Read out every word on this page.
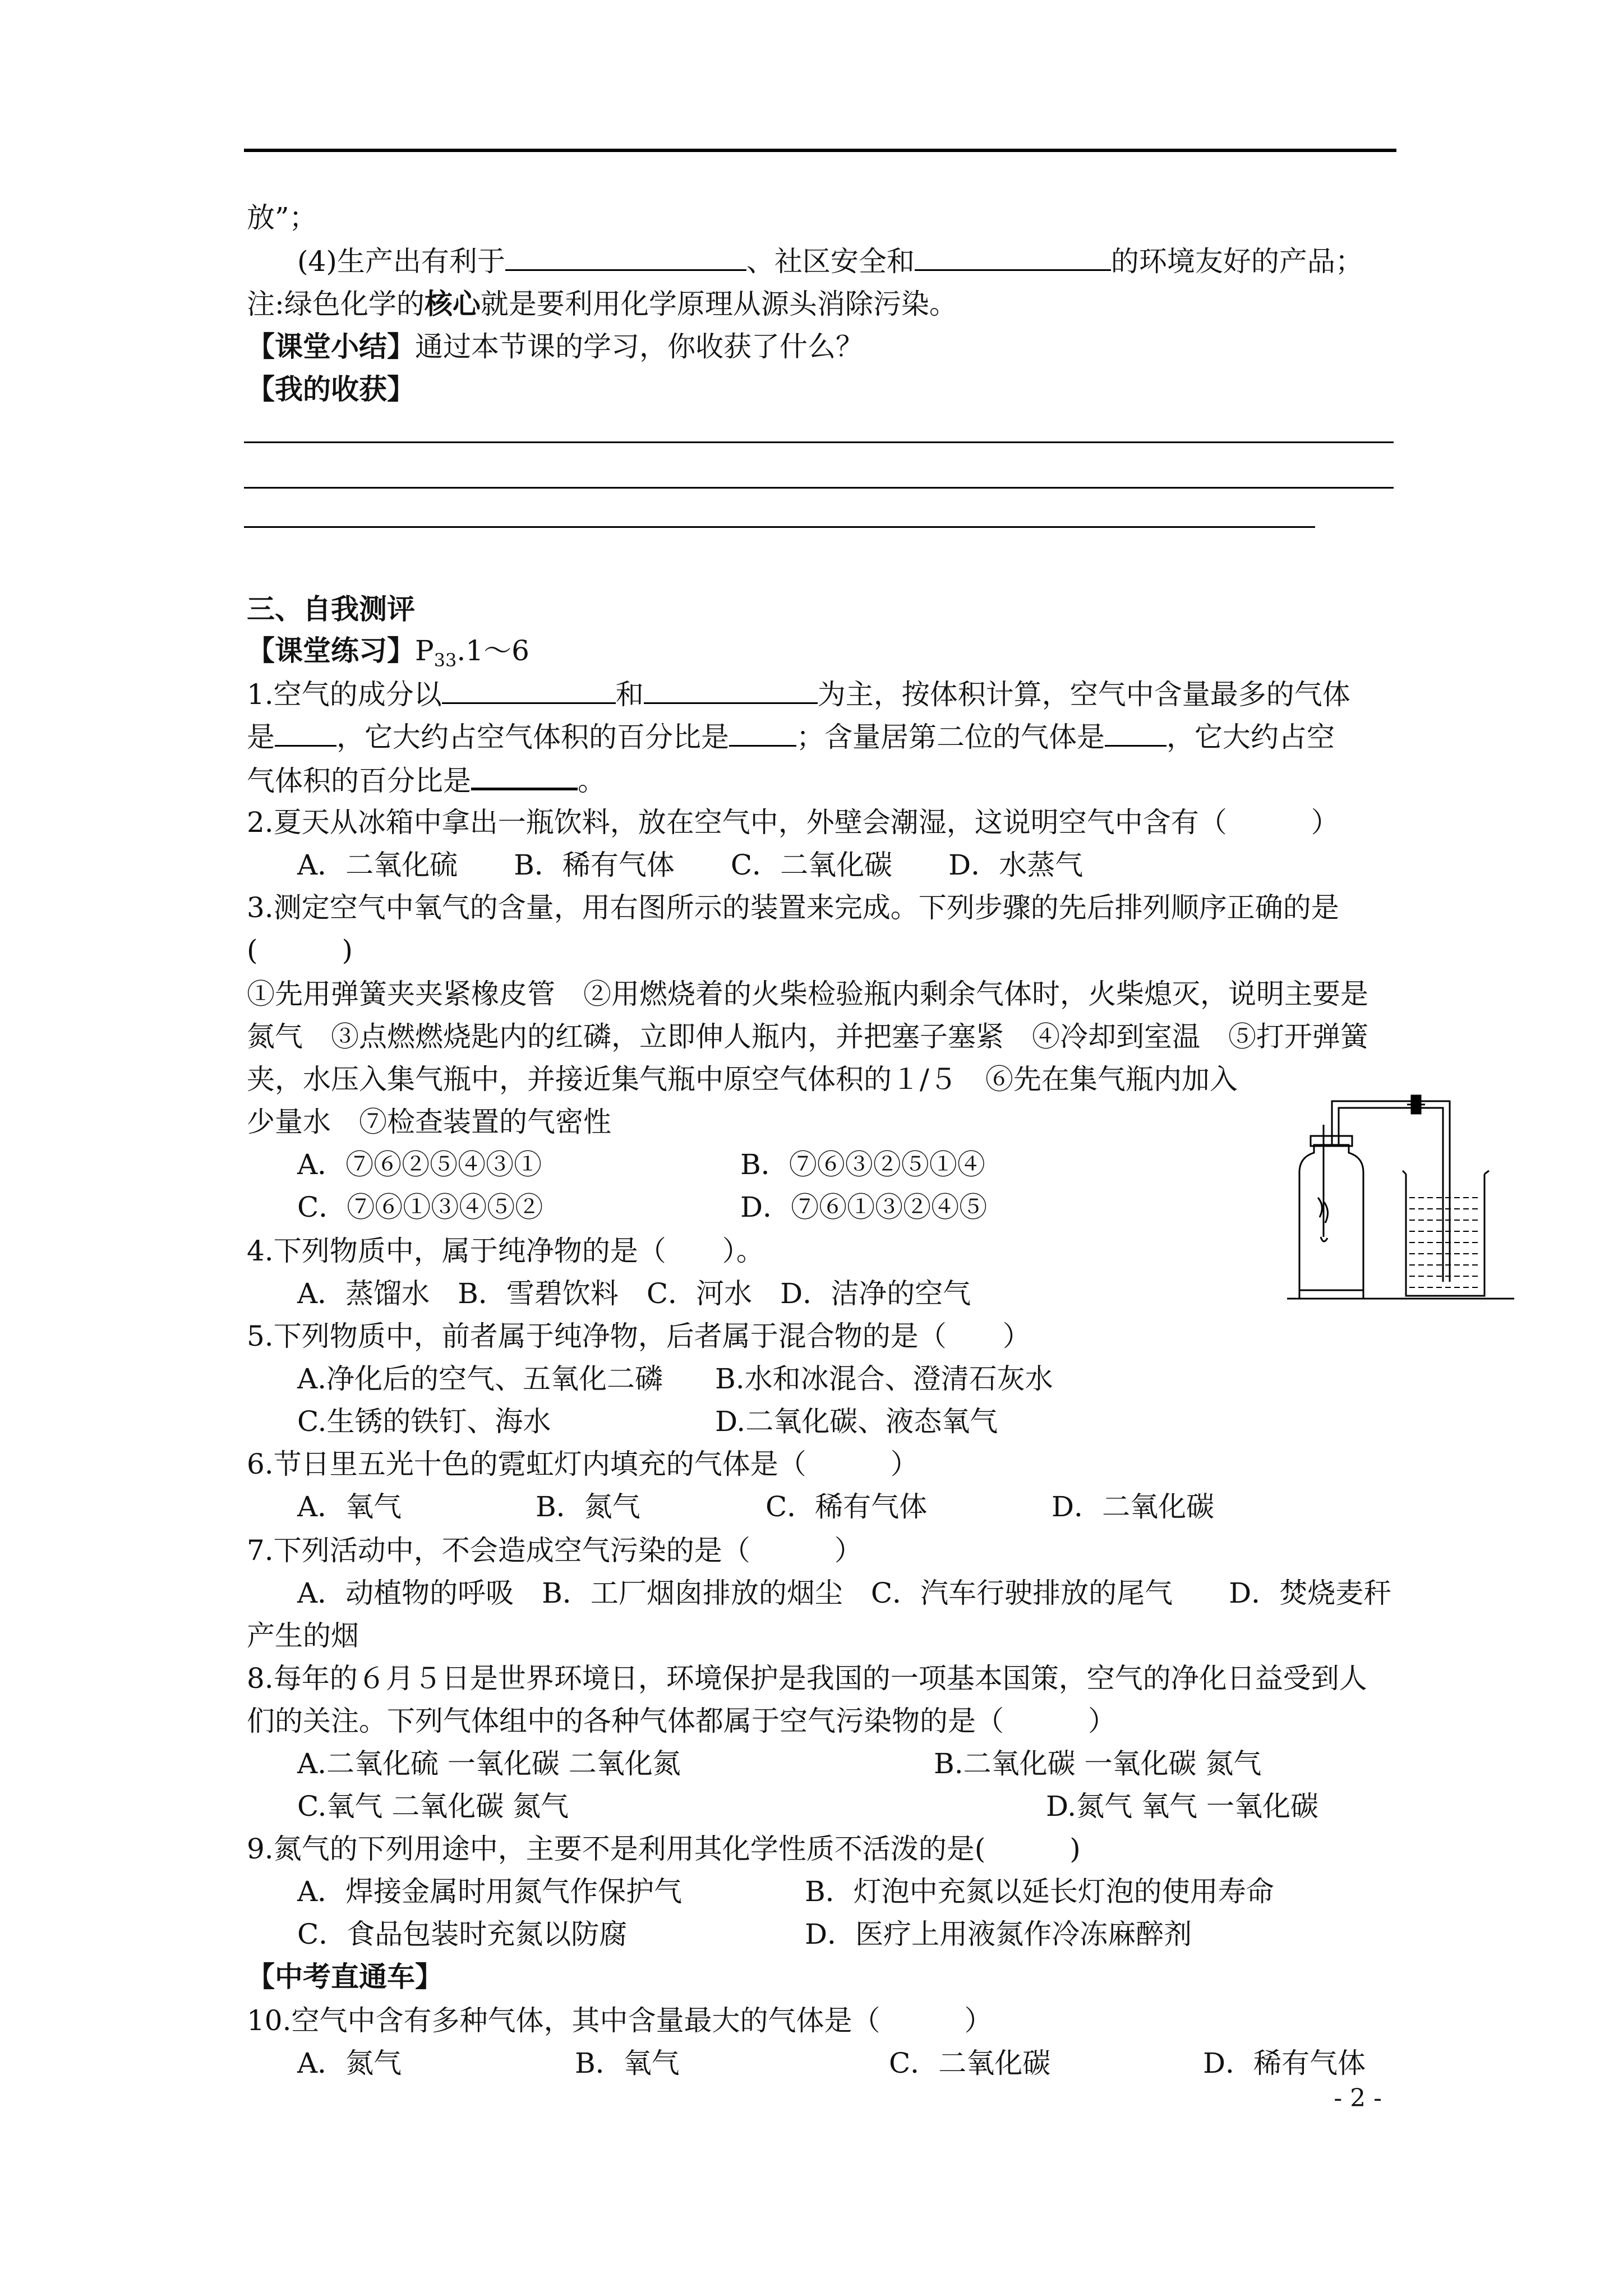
放”；
(4)生产出有利于	、社区安全和	的环境友好的产品；
注:绿色化学的核心就是要利用化学原理从源头消除污染。
【课堂小结】通过本节课的学习，你收获了什么？
【我的收获】
三、自我测评
【课堂练习】$P_{33}.1\sim 6$
1.空气的成分以	和	为主，按体积计算，空气中含量最多的气体
是 ，它大约占空气体积的百分比是 ；含量居第二位的气体是 ，它大约占空
气体积的百分比是	。
2.夏天从冰箱中拿出一瓶饮料，放在空气中，外壁会潮湿，这说明空气中含有（　　　）
A．二氧化硫　　B．稀有气体　　C．二氧化碳　　D．水蒸气
3.测定空气中氧气的含量，用右图所示的装置来完成。下列步骤的先后排列顺序正确的是
(　　　)
①先用弹簧夹夹紧橡皮管　②用燃烧着的火柴检验瓶内剩余气体时，火柴熄灭，说明主要是
氮气　③点燃燃烧匙内的红磷，立即伸人瓶内，并把塞子塞紧　④冷却到室温　⑤打开弹簧
夹，水压入集气瓶中，并接近集气瓶中原空气体积的１/５　⑥先在集气瓶内加入
少量水　⑦检查装置的气密性
A．⑦⑥②⑤④③①	B．⑦⑥③②⑤①④
C．⑦⑥①③④⑤②	D．⑦⑥①③②④⑤
4.下列物质中，属于纯净物的是（　　）。
A．蒸馏水　B．雪碧饮料　C．河水　D．洁净的空气
5.下列物质中，前者属于纯净物，后者属于混合物的是（　　）
A.净化后的空气、五氧化二磷 B.水和冰混合、澄清石灰水
C.生锈的铁钉、海水	D.二氧化碳、液态氧气
6.节日里五光十色的霓虹灯内填充的气体是（　　　）
A．氧气	B．氮气	C．稀有气体	D．二氧化碳
7.下列活动中，不会造成空气污染的是（　　　）
A．动植物的呼吸　B．工厂烟囱排放的烟尘　C．汽车行驶排放的尾气　　D．焚烧麦秆
产生的烟
8.每年的６月５日是世界环境日，环境保护是我国的一项基本国策，空气的净化日益受到人
们的关注。下列气体组中的各种气体都属于空气污染物的是（　　　）
A.二氧化硫 一氧化碳 二氧化氮	B.二氧化碳 一氧化碳 氮气
C.氧气 二氧化碳 氮气	D.氮气 氧气 一氧化碳
9.氮气的下列用途中，主要不是利用其化学性质不活泼的是(　　　)
A．焊接金属时用氮气作保护气	B．灯泡中充氮以延长灯泡的使用寿命
C．食品包装时充氮以防腐	D．医疗上用液氮作冷冻麻醉剂
【中考直通车】
10.空气中含有多种气体，其中含量最大的气体是（　　　）
A．氮气	B．氧气	C．二氧化碳	D．稀有气体
- 2 -
